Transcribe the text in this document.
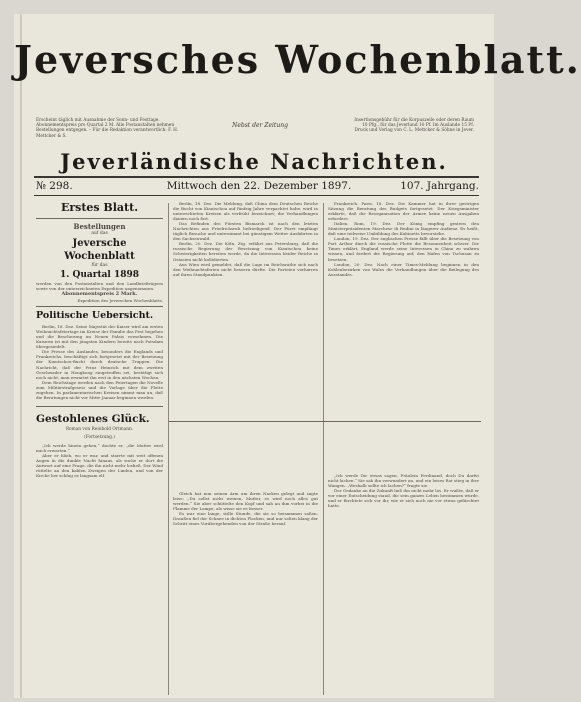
Jeversches Wochenblatt.
Erscheint täglich mit Ausnahme der Sonn- und Festtage.
Abonnementspreis pro Quartal 2 M. Alle Postanstalten nehmen
Bestellungen entgegen. – Für die Redaktion verantwortlich: F. H. Mettcker & S.
Nebst der Zeitung
Insertionsgebühr für die Korpuszeile oder deren Raum
10 Pfg., für das Jeverland 10 Pf. Im Auslande 15 Pf.
Druck und Verlag von C. L. Mettcker & Söhne in Jever.
Jeverländische Nachrichten.
№ 298.	Mittwoch den 22. Dezember 1897.	107. Jahrgang.
Erstes Blatt.
Bestellungen
auf das
Jeversche Wochenblatt
für das
1. Quartal 1898

werden von den Postanstalten und den Landbriefträgern sowie von der unterzeichneten Expedition angenommen.

Abonnementspreis 2 Mark.
Expedition des Jeverschen Wochenblatts.
Politische Uebersicht.

Berlin, 18. Dez. Seine Majestät der Kaiser wird am ersten Weihnachtsfeiertage im Kreise der Familie das Fest begehen und die Bescherung im Neuen Palais vornehmen. Die Kaiserin ist mit den jüngsten Kindern bereits nach Potsdam übergesiedelt.

Die Presse des Auslandes, besonders die Englands und Frankreichs, beschäftigt sich fortgesetzt mit der Besetzung der Kiautschou-Bucht durch deutsche Truppen. Die Nachricht, daß der Prinz Heinrich mit dem zweiten Geschwader in Hongkong eingetroffen sei, bestätigt sich noch nicht; man erwartet ihn erst in den nächsten Wochen.

Dem Reichstage werden nach den Feiertagen die Novelle zum Militärstrafgesetz und die Vorlage über die Flotte zugehen. In parlamentarischen Kreisen nimmt man an, daß die Beratungen nicht vor Mitte Januar beginnen werden.

Gestohlenes Glück.
Roman von Reinhold Ortmann.
(Fortsetzung.)

„Ich werde hinein gehen,“ dachte er, „die Mutter wird mich erwarten.“

Aber er blieb, wo er war, und starrte mit weit offenen Augen in die dunkle Nacht hinaus, als suche er dort die Antwort auf eine Frage, die ihn nicht mehr losließ. Der Wind rüttelte an den kahlen Zweigen der Linden, und von der Kirche her schlug es langsam elf.

Berlin, 18. Dez. Die Meldung, daß China dem Deutschen Reiche die Bucht von Kiautschou auf fünfzig Jahre verpachtet habe, wird in unterrichteten Kreisen als verfrüht bezeichnet; die Verhandlungen dauern noch fort.

Das Befinden des Fürsten Bismarck ist nach den letzten Nachrichten aus Friedrichsruh befriedigend. Der Fürst empfängt täglich Besuche und unternimmt bei günstigem Wetter Ausfahrten in den Sachsenwald.

Berlin, 20. Dez. Die Köln. Ztg. erfährt aus Petersburg, daß die russische Regierung der Besetzung von Kiautschou keine Schwierigkeiten bereiten werde, da die Interessen beider Reiche in Ostasien nicht kollidierten.

Aus Wien wird gemeldet, daß die Lage im Reichsrathe sich nach den Weihnachtsferien nicht bessern dürfte. Die Parteien verharren auf ihren Standpunkten.

Gleich hat nun seinen Arm um ihren Nacken gelegt und sagte leise: „Du sollst nicht weinen, Mutter, es wird noch alles gut werden.“ Sie aber schüttelte den Kopf und sah an ihm vorbei in die Flamme der Lampe, als wisse sie es besser.

Es war eine lange, stille Stunde, die sie so beisammen saßen. Draußen fiel der Schnee in dichten Flocken, und nur selten klang der Schritt eines Vorübergehenden von der Straße herauf.

Frankreich. Paris, 18. Dez. Die Kammer hat in ihrer gestrigen Sitzung die Beratung des Budgets fortgesetzt. Der Kriegsminister erklärte, daß die Reorganisation der Armee keine neuen Ausgaben erfordere.

Italien. Rom, 19. Dez. Der König empfing gestern den Ministerpräsidenten Marchese di Rudini in längerer Audienz. Es heißt, daß eine teilweise Umbildung des Kabinetts bevorstehe.

London, 19. Dez. Der englischen Presse fällt über die Besetzung von Port Arthur durch die russische Flotte die Besonnenheit schwer. Die Times erklärt, England werde seine Interessen in China zu wahren wissen, und fordert die Regierung auf, den Hafen von Tschusan zu besetzen.

London, 20. Dez. Nach einer Times-Meldung beginnen in den Kohlenbezirken von Wales die Verhandlungen über die Beilegung des Ausstandes.

„Ich werde Dir etwas sagen, Fräulein Ferdinand, doch Du darfst nicht lachen.“ Sie sah ihn verwundert an, und ein leises Rot stieg in ihre Wangen. „Weshalb sollte ich lachen?“ fragte sie.

Der Gedanke an die Zukunft ließ ihn nicht mehr los. Er wußte, daß er vor einer Entscheidung stand, die sein ganzes Leben bestimmen würde, und er fürchtete sich vor ihr, wie er sich noch nie vor etwas gefürchtet hatte.
